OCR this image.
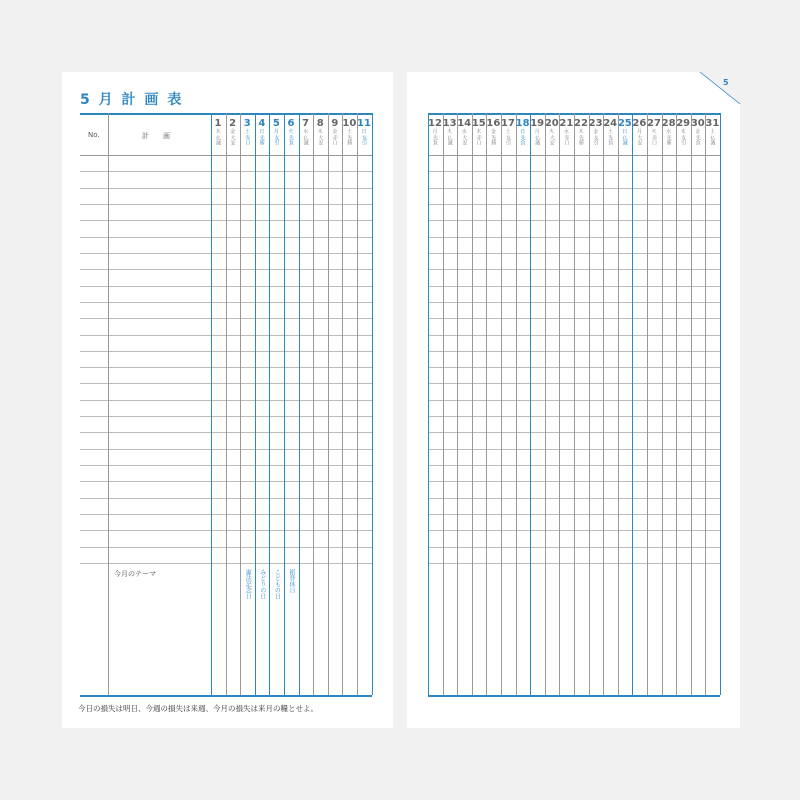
5
5 月 計 画 表
No.	計　　画
今月のテーマ
今日の損失は明日、今週の損失は来週、今月の損失は来月の糧とせよ。
1
木
仏滅
2
金
大安
3
土
赤口
4
日
先勝
5
月
友引
6
火
先負
7
水
仏滅
8
木
大安
9
金
赤口
10
土
先勝
11
日
友引
12
月
先負
13
火
仏滅
14
水
大安
15
木
赤口
16
金
先勝
17
土
友引
18
日
先負
19
月
仏滅
20
火
大安
21
水
赤口
22
木
先勝
23
金
友引
24
土
先負
25
日
仏滅
26
月
大安
27
火
赤口
28
水
先勝
29
木
友引
30
金
先負
31
土
仏滅
憲法記念日 みどりの日 こどもの日 振替休日
